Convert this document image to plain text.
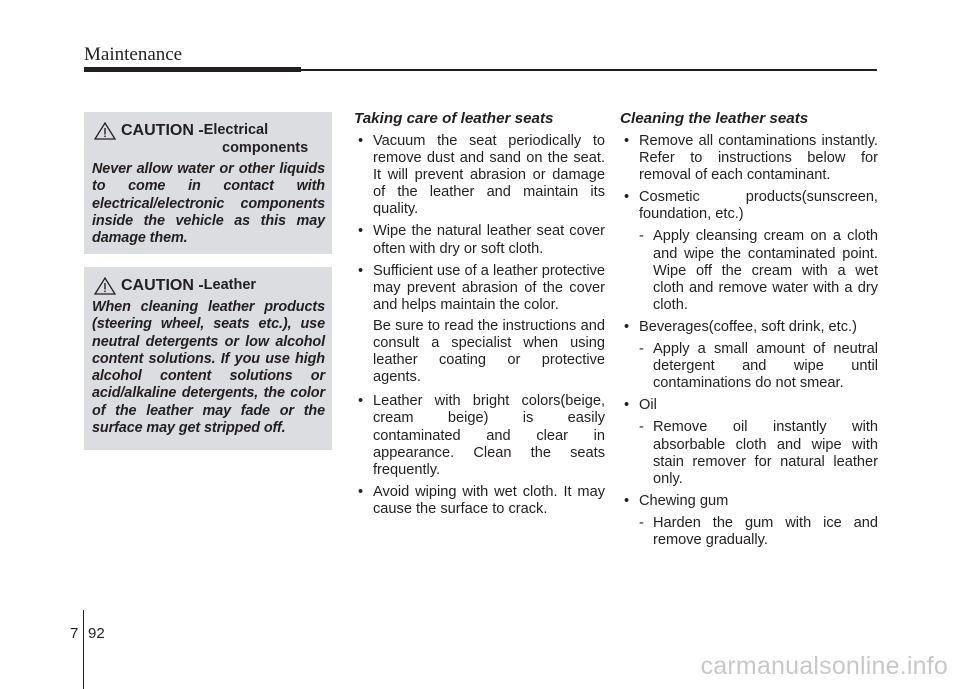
Maintenance
CAUTION - Electrical
components
Never allow water or other liquids to come in contact with electrical/electronic components inside the vehicle as this may damage them.
CAUTION - Leather
When cleaning leather products (steering wheel, seats etc.), use neutral detergents or low alcohol content solutions. If you use high alcohol content solutions or acid/alkaline detergents, the color of the leather may fade or the surface may get stripped off.
Taking care of leather seats
• Vacuum the seat periodically to remove dust and sand on the seat. It will prevent abrasion or damage of the leather and maintain its quality.
• Wipe the natural leather seat cover often with dry or soft cloth.
• Sufficient use of a leather protective may prevent abrasion of the cover and helps maintain the color.
Be sure to read the instructions and consult a specialist when using leather coating or protective agents.
• Leather with bright colors(beige, cream beige) is easily contaminated and clear in appearance. Clean the seats frequently.
• Avoid wiping with wet cloth. It may cause the surface to crack.
Cleaning the leather seats
• Remove all contaminations instantly. Refer to instructions below for removal of each contaminant.
• Cosmetic products(sunscreen, foundation, etc.)
- Apply cleansing cream on a cloth and wipe the contaminated point. Wipe off the cream with a wet cloth and remove water with a dry cloth.
• Beverages(coffee, soft drink, etc.)
- Apply a small amount of neutral detergent and wipe until contaminations do not smear.
• Oil
- Remove oil instantly with absorbable cloth and wipe with stain remover for natural leather only.
• Chewing gum
- Harden the gum with ice and remove gradually.
7 92
carmanualsonline.info
